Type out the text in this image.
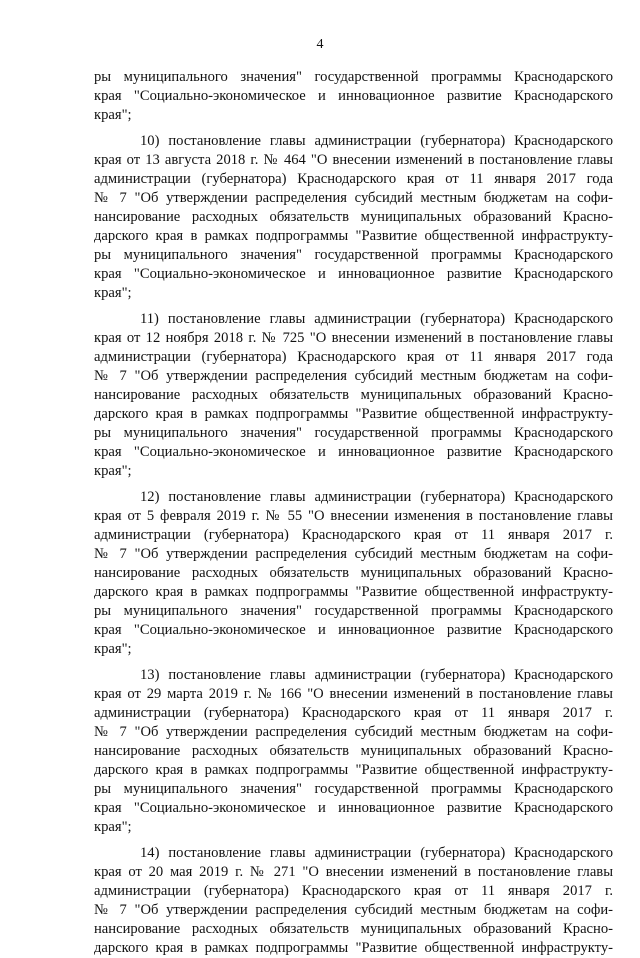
4
ры муниципального значения" государственной программы Краснодарского
края "Социально-экономическое и инновационное развитие Краснодарского
края";
10) постановление главы администрации (губернатора) Краснодарского
края от 13 августа 2018 г. № 464 "О внесении изменений в постановление главы
администрации (губернатора) Краснодарского края от 11 января 2017 года
№ 7 "Об утверждении распределения субсидий местным бюджетам на софи-
нансирование расходных обязательств муниципальных образований Красно-
дарского края в рамках подпрограммы "Развитие общественной инфраструкту-
ры муниципального значения" государственной программы Краснодарского
края "Социально-экономическое и инновационное развитие Краснодарского
края";
11) постановление главы администрации (губернатора) Краснодарского
края от 12 ноября 2018 г. № 725 "О внесении изменений в постановление главы
администрации (губернатора) Краснодарского края от 11 января 2017 года
№ 7 "Об утверждении распределения субсидий местным бюджетам на софи-
нансирование расходных обязательств муниципальных образований Красно-
дарского края в рамках подпрограммы "Развитие общественной инфраструкту-
ры муниципального значения" государственной программы Краснодарского
края "Социально-экономическое и инновационное развитие Краснодарского
края";
12) постановление главы администрации (губернатора) Краснодарского
края от 5 февраля 2019 г. № 55 "О внесении изменения в постановление главы
администрации (губернатора) Краснодарского края от 11 января 2017 г.
№ 7 "Об утверждении распределения субсидий местным бюджетам на софи-
нансирование расходных обязательств муниципальных образований Красно-
дарского края в рамках подпрограммы "Развитие общественной инфраструкту-
ры муниципального значения" государственной программы Краснодарского
края "Социально-экономическое и инновационное развитие Краснодарского
края";
13) постановление главы администрации (губернатора) Краснодарского
края от 29 марта 2019 г. № 166 "О внесении изменений в постановление главы
администрации (губернатора) Краснодарского края от 11 января 2017 г.
№ 7 "Об утверждении распределения субсидий местным бюджетам на софи-
нансирование расходных обязательств муниципальных образований Красно-
дарского края в рамках подпрограммы "Развитие общественной инфраструкту-
ры муниципального значения" государственной программы Краснодарского
края "Социально-экономическое и инновационное развитие Краснодарского
края";
14) постановление главы администрации (губернатора) Краснодарского
края от 20 мая 2019 г. № 271 "О внесении изменений в постановление главы
администрации (губернатора) Краснодарского края от 11 января 2017 г.
№ 7 "Об утверждении распределения субсидий местным бюджетам на софи-
нансирование расходных обязательств муниципальных образований Красно-
дарского края в рамках подпрограммы "Развитие общественной инфраструкту-
